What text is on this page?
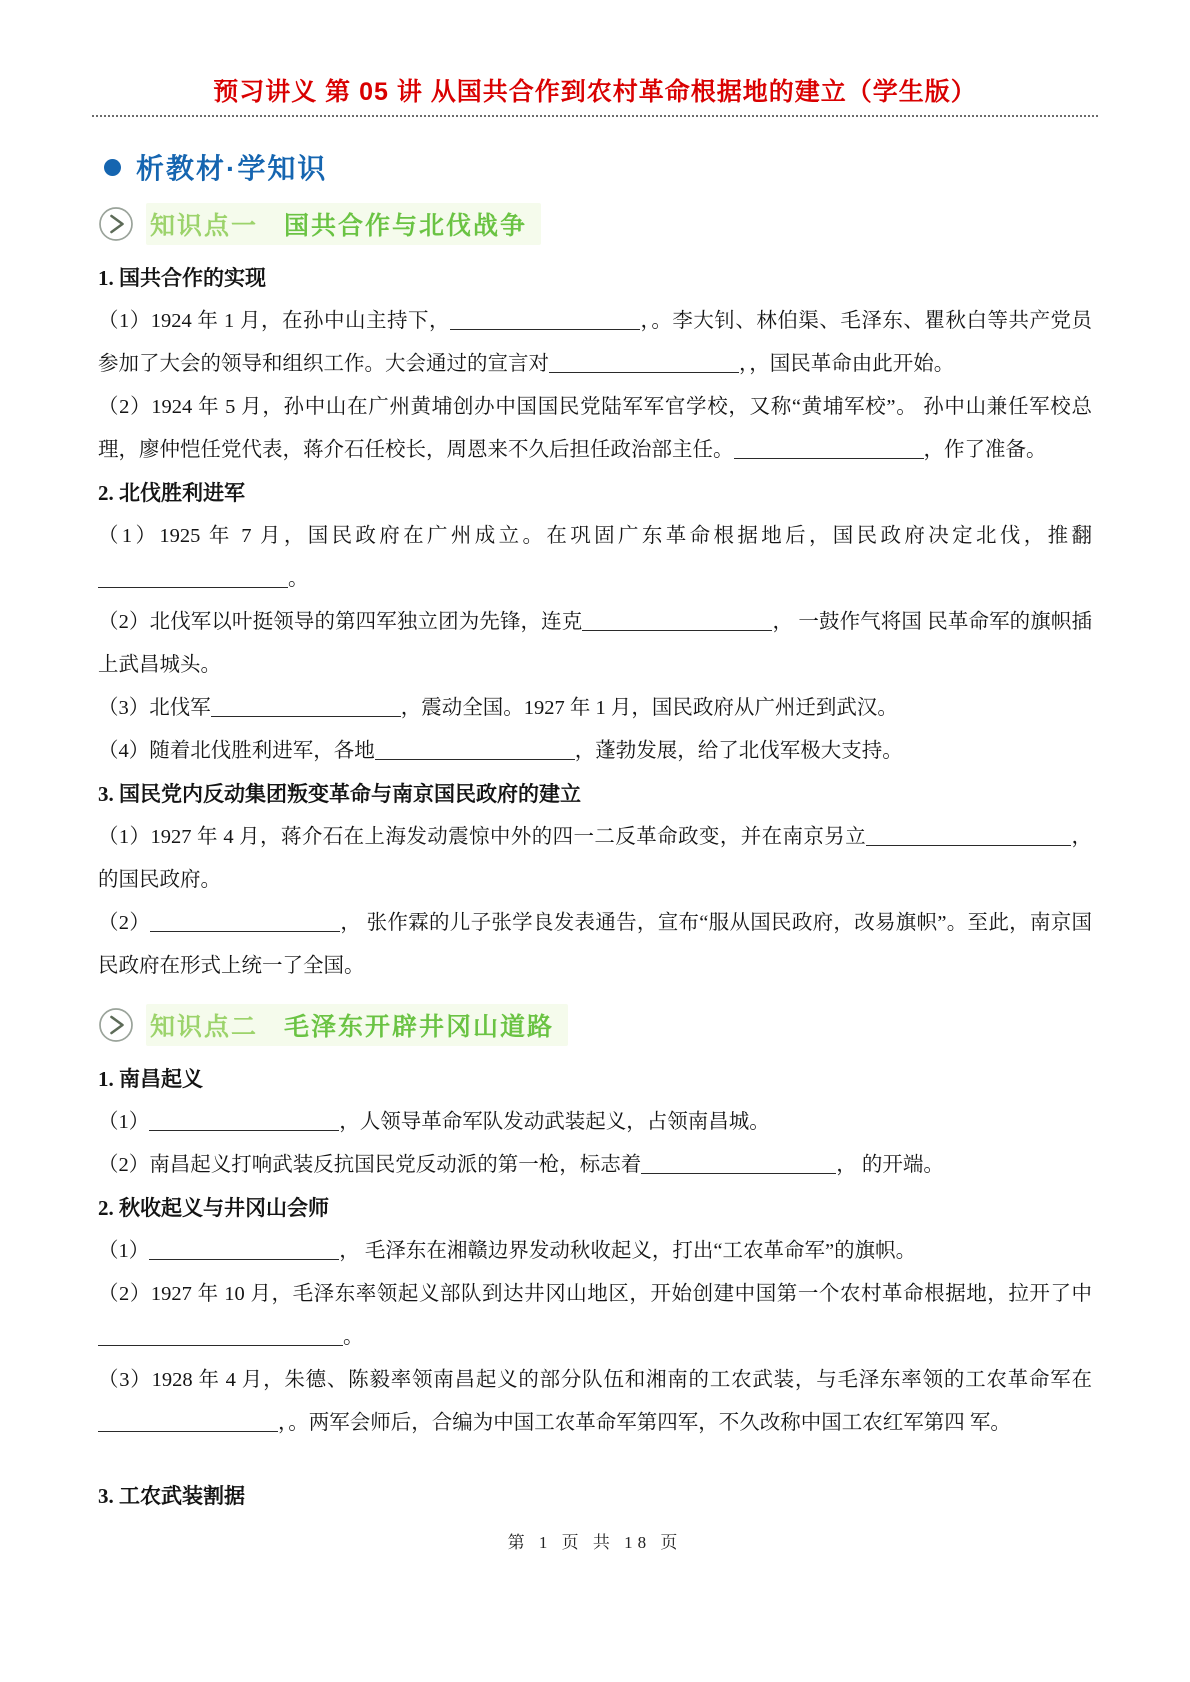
预习讲义 第 05 讲 从国共合作到农村革命根据地的建立（学生版）
析教材·学知识
知识点一 国共合作与北伐战争
1. 国共合作的实现
（1）1924 年 1 月，在孙中山主持下，	，。李大钊、林伯渠、毛泽东、瞿秋白等共产党员参加了大会的领导和组织工作。大会通过的宣言对	，，国民革命由此开始。
（2）1924 年 5 月，孙中山在广州黄埔创办中国国民党陆军军官学校，又称“黄埔军校”。 孙中山兼任军校总理，廖仲恺任党代表，蒋介石任校长，周恩来不久后担任政治部主任。	，作了准备。
2. 北伐胜利进军
（1）1925 年 7 月，国民政府在广州成立。在巩固广东革命根据地后，国民政府决定北伐，推翻。
（2）北伐军以叶挺领导的第四军独立团为先锋，连克	， 一鼓作气将国 民革命军的旗帜插上武昌城头。
（3）北伐军	，震动全国。1927 年 1 月，国民政府从广州迁到武汉。
（4）随着北伐胜利进军，各地	，蓬勃发展，给了北伐军极大支持。
3. 国民党内反动集团叛变革命与南京国民政府的建立
（1）1927 年 4 月，蒋介石在上海发动震惊中外的四一二反革命政变，并在南京另立	，的国民政府。
（2）	， 张作霖的儿子张学良发表通告，宣布“服从国民政府，改易旗帜”。至此，南京国民政府在形式上统一了全国。
知识点二 毛泽东开辟井冈山道路
1. 南昌起义
（1）	，人领导革命军队发动武装起义，占领南昌城。
（2）南昌起义打响武装反抗国民党反动派的第一枪，标志着	， 的开端。
2. 秋收起义与井冈山会师
（1）	， 毛泽东在湘赣边界发动秋收起义，打出“工农革命军”的旗帜。
（2）1927 年 10 月，毛泽东率领起义部队到达井冈山地区，开始创建中国第一个农村革命根据地，拉开了中。
（3）1928 年 4 月，朱德、陈毅率领南昌起义的部分队伍和湘南的工农武装，与毛泽东率领的工农革命军在，。两军会师后，合编为中国工农革命军第四军，不久改称中国工农红军第四 军。
3. 工农武装割据
第 1 页 共 18 页
